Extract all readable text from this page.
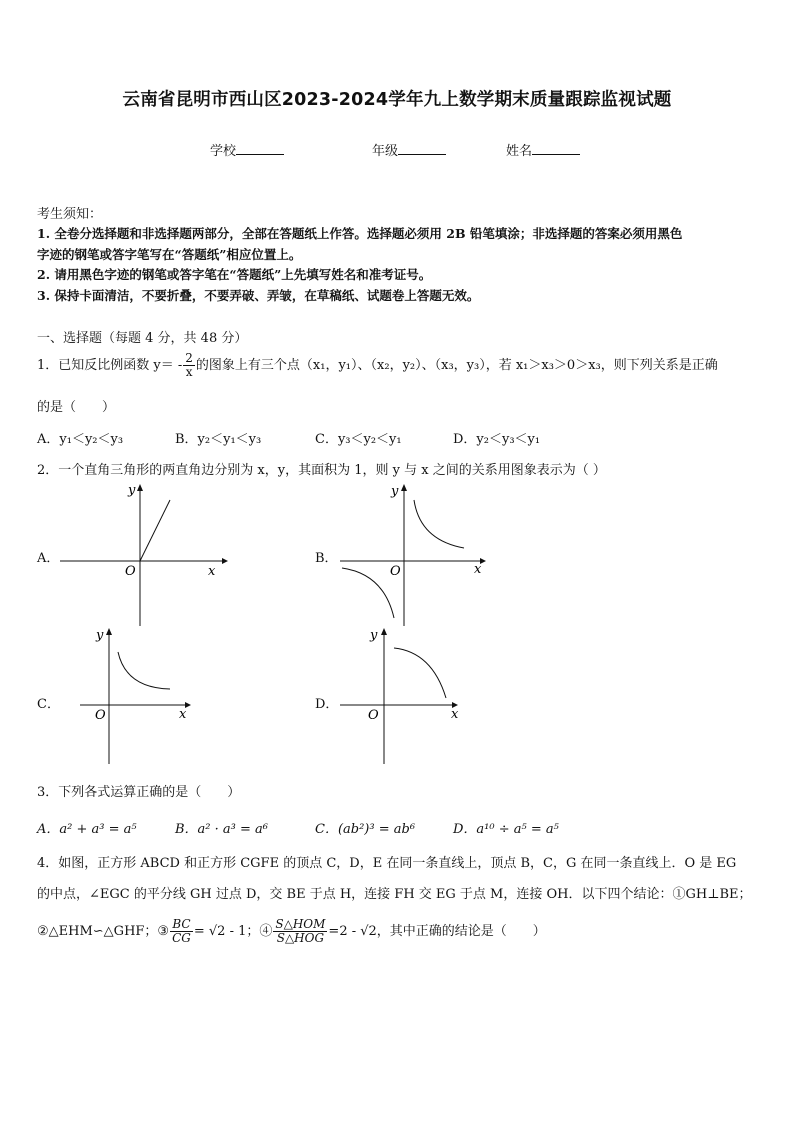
云南省昆明市西山区2023-2024学年九上数学期末质量跟踪监视试题
学校	年级	姓名
考生须知：
1. 全卷分选择题和非选择题两部分，全部在答题纸上作答。选择题必须用 2B 铅笔填涂；非选择题的答案必须用黑色
字迹的钢笔或答字笔写在“答题纸”相应位置上。
2. 请用黑色字迹的钢笔或答字笔在“答题纸”上先填写姓名和准考证号。
3. 保持卡面清洁，不要折叠，不要弄破、弄皱，在草稿纸、试题卷上答题无效。
一、选择题（每题 4 分，共 48 分）
1．已知反比例函数 $y= - \frac{2}{x}$ 的图象上有三个点（x₁，y₁）、（x₂，y₂）、（x₃，y₃），若 x₁＞x₃＞0＞x₃，则下列关系是正确
的是（　　）
A．y₁＜y₂＜y₃	B．y₂＜y₁＜y₃	C．y₃＜y₂＜y₁	D．y₂＜y₃＜y₁
2．一个直角三角形的两直角边分别为 x，y，其面积为 1，则 y 与 x 之间的关系用图象表示为（ ）
A．	B．
C．	D．
y
x
O
y
x
O
y
x
O
y
x
O
3．下列各式运算正确的是（　　）
A．a² + a³ = a⁵	B．a² · a³ = a⁶	C．(ab²)³ = ab⁶	D．a¹⁰ ÷ a⁵ = a⁵
4．如图，正方形 ABCD 和正方形 CGFE 的顶点 C，D，E 在同一条直线上，顶点 B，C，G 在同一条直线上．O 是 EG
的中点，∠EGC 的平分线 GH 过点 D，交 BE 于点 H，连接 FH 交 EG 于点 M，连接 OH．以下四个结论：①GH⊥BE；
②△EHM∽△GHF；③ $\frac{BC}{CG} = √2 - 1$；④ $\frac{\text{S△HOM}}{\text{S△HOG}} =2 - √2$，其中正确的结论是（　　）
